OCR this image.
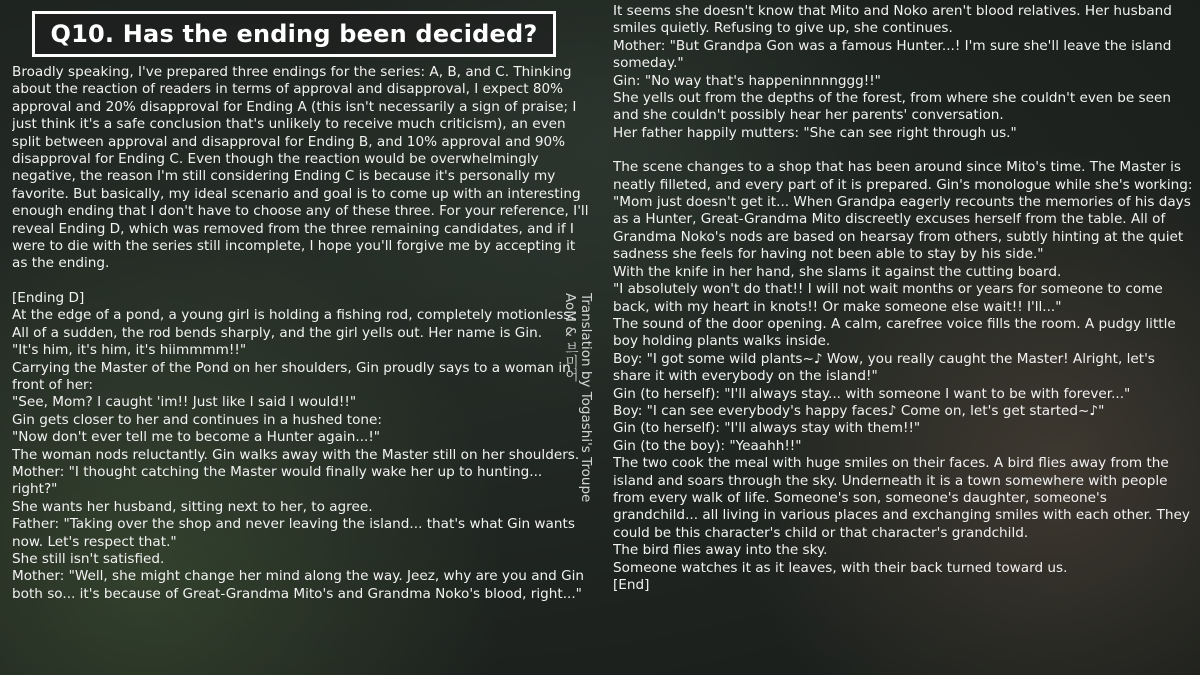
Q10. Has the ending been decided?

Broadly speaking, I've prepared three endings for the series: A, B, and C. Thinking about the reaction of readers in terms of approval and disapproval, I expect 80% approval and 20% disapproval for Ending A (this isn't necessarily a sign of praise; I just think it's a safe conclusion that's unlikely to receive much criticism), an even split between approval and disapproval for Ending B, and 10% approval and 90% disapproval for Ending C. Even though the reaction would be overwhelmingly negative, the reason I'm still considering Ending C is because it's personally my favorite. But basically, my ideal scenario and goal is to come up with an interesting enough ending that I don't have to choose any of these three. For your reference, I'll reveal Ending D, which was removed from the three remaining candidates, and if I were to die with the series still incomplete, I hope you'll forgive me by accepting it as the ending.

[Ending D]

At the edge of a pond, a young girl is holding a fishing rod, completely motionless. All of a sudden, the rod bends sharply, and the girl yells out. Her name is Gin.

"It's him, it's him, it's hiimmmm!!"

Carrying the Master of the Pond on her shoulders, Gin proudly says to a woman in front of her:

"See, Mom? I caught 'im!! Just like I said I would!!"

Gin gets closer to her and continues in a hushed tone:

"Now don't ever tell me to become a Hunter again...!"

The woman nods reluctantly. Gin walks away with the Master still on her shoulders.

Mother: "I thought catching the Master would finally wake her up to hunting... right?"

She wants her husband, sitting next to her, to agree.

Father: "Taking over the shop and never leaving the island... that's what Gin wants now. Let's respect that."

She still isn't satisfied.

Mother: "Well, she might change her mind along the way. Jeez, why are you and Gin both so... it's because of Great-Grandma Mito's and Grandma Noko's blood, right..."

Translation by Togashi's Troupe
AoM & 브미어

It seems she doesn't know that Mito and Noko aren't blood relatives. Her husband smiles quietly. Refusing to give up, she continues.

Mother: "But Grandpa Gon was a famous Hunter...! I'm sure she'll leave the island someday."

Gin: "No way that's happeninnnnggg!!"

She yells out from the depths of the forest, from where she couldn't even be seen and she couldn't possibly hear her parents' conversation.

Her father happily mutters: "She can see right through us."

The scene changes to a shop that has been around since Mito's time. The Master is neatly filleted, and every part of it is prepared. Gin's monologue while she's working: "Mom just doesn't get it... When Grandpa eagerly recounts the memories of his days as a Hunter, Great-Grandma Mito discreetly excuses herself from the table. All of Grandma Noko's nods are based on hearsay from others, subtly hinting at the quiet sadness she feels for having not been able to stay by his side."

With the knife in her hand, she slams it against the cutting board.

"I absolutely won't do that!! I will not wait months or years for someone to come back, with my heart in knots!! Or make someone else wait!! I'll..."

The sound of the door opening. A calm, carefree voice fills the room. A pudgy little boy holding plants walks inside.

Boy: "I got some wild plants~♪ Wow, you really caught the Master! Alright, let's share it with everybody on the island!"

Gin (to herself): "I'll always stay... with someone I want to be with forever..."

Boy: "I can see everybody's happy faces♪ Come on, let's get started~♪"

Gin (to herself): "I'll always stay with them!!"

Gin (to the boy): "Yeaahh!!"

The two cook the meal with huge smiles on their faces. A bird flies away from the island and soars through the sky. Underneath it is a town somewhere with people from every walk of life. Someone's son, someone's daughter, someone's grandchild... all living in various places and exchanging smiles with each other. They could be this character's child or that character's grandchild.

The bird flies away into the sky.

Someone watches it as it leaves, with their back turned toward us.

[End]
